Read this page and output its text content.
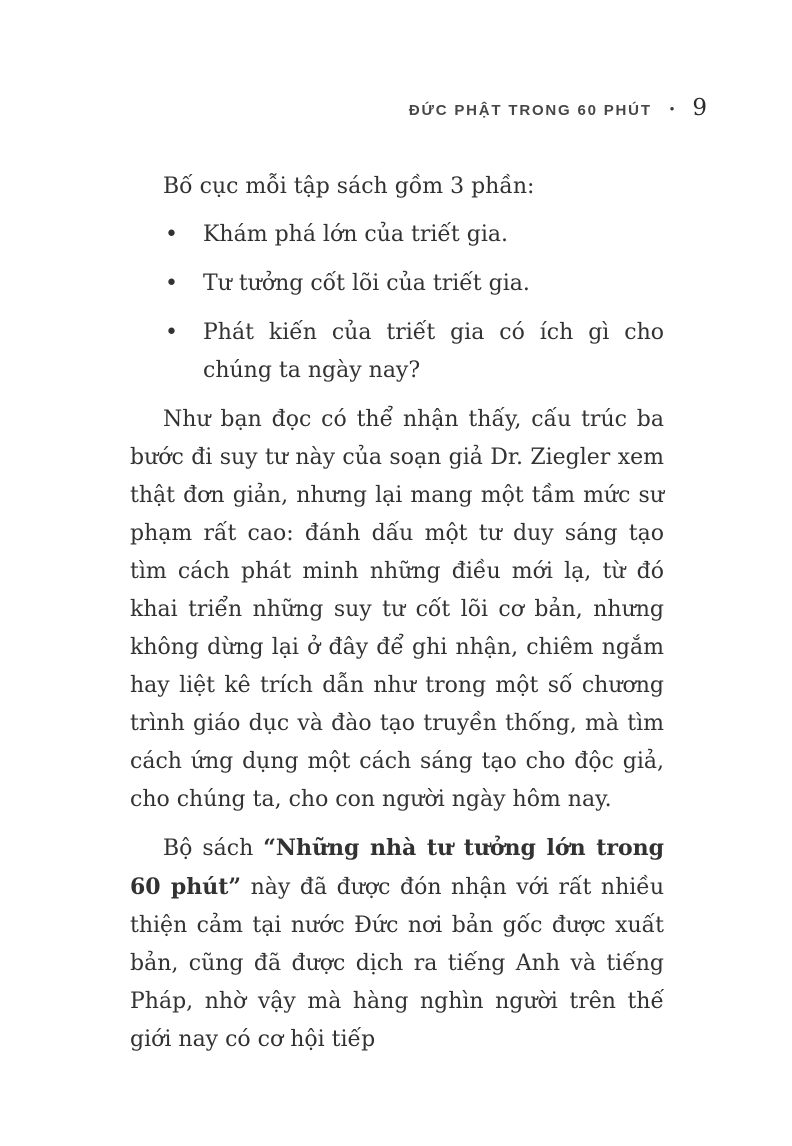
ĐỨC PHẬT TRONG 60 PHÚT • 9

Bố cục mỗi tập sách gồm 3 phần:

•	Khám phá lớn của triết gia.
•	Tư tưởng cốt lõi của triết gia.
•	Phát kiến của triết gia có ích gì cho chúng ta ngày nay?

Như bạn đọc có thể nhận thấy, cấu trúc ba bước đi suy tư này của soạn giả Dr. Ziegler xem thật đơn giản, nhưng lại mang một tầm mức sư phạm rất cao: đánh dấu một tư duy sáng tạo tìm cách phát minh những điều mới lạ, từ đó khai triển những suy tư cốt lõi cơ bản, nhưng không dừng lại ở đây để ghi nhận, chiêm ngắm hay liệt kê trích dẫn như trong một số chương trình giáo dục và đào tạo truyền thống, mà tìm cách ứng dụng một cách sáng tạo cho độc giả, cho chúng ta, cho con người ngày hôm nay.

Bộ sách “Những nhà tư tưởng lớn trong 60 phút” này đã được đón nhận với rất nhiều thiện cảm tại nước Đức nơi bản gốc được xuất bản, cũng đã được dịch ra tiếng Anh và tiếng Pháp, nhờ vậy mà hàng nghìn người trên thế giới nay có cơ hội tiếp
